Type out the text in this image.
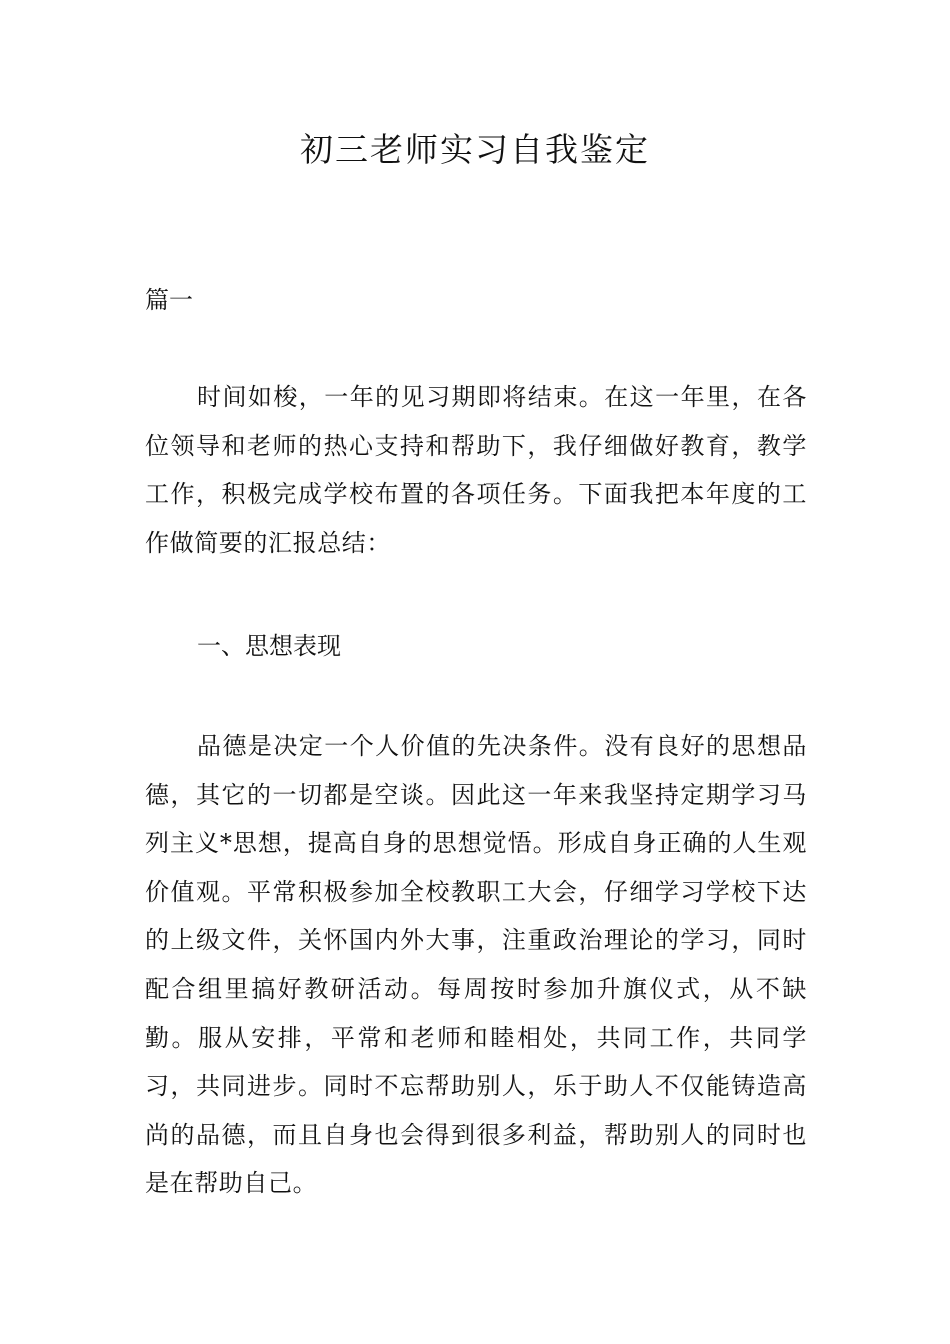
初三老师实习自我鉴定

篇一

时间如梭，一年的见习期即将结束。在这一年里，在各位领导和老师的热心支持和帮助下，我仔细做好教育，教学工作，积极完成学校布置的各项任务。下面我把本年度的工作做简要的汇报总结：

一、思想表现

品德是决定一个人价值的先决条件。没有良好的思想品德，其它的一切都是空谈。因此这一年来我坚持定期学习马列主义*思想，提高自身的思想觉悟。形成自身正确的人生观价值观。平常积极参加全校教职工大会，仔细学习学校下达的上级文件，关怀国内外大事，注重政治理论的学习，同时配合组里搞好教研活动。每周按时参加升旗仪式，从不缺勤。服从安排，平常和老师和睦相处，共同工作，共同学习，共同进步。同时不忘帮助别人，乐于助人不仅能铸造高尚的品德，而且自身也会得到很多利益，帮助别人的同时也是在帮助自己。
